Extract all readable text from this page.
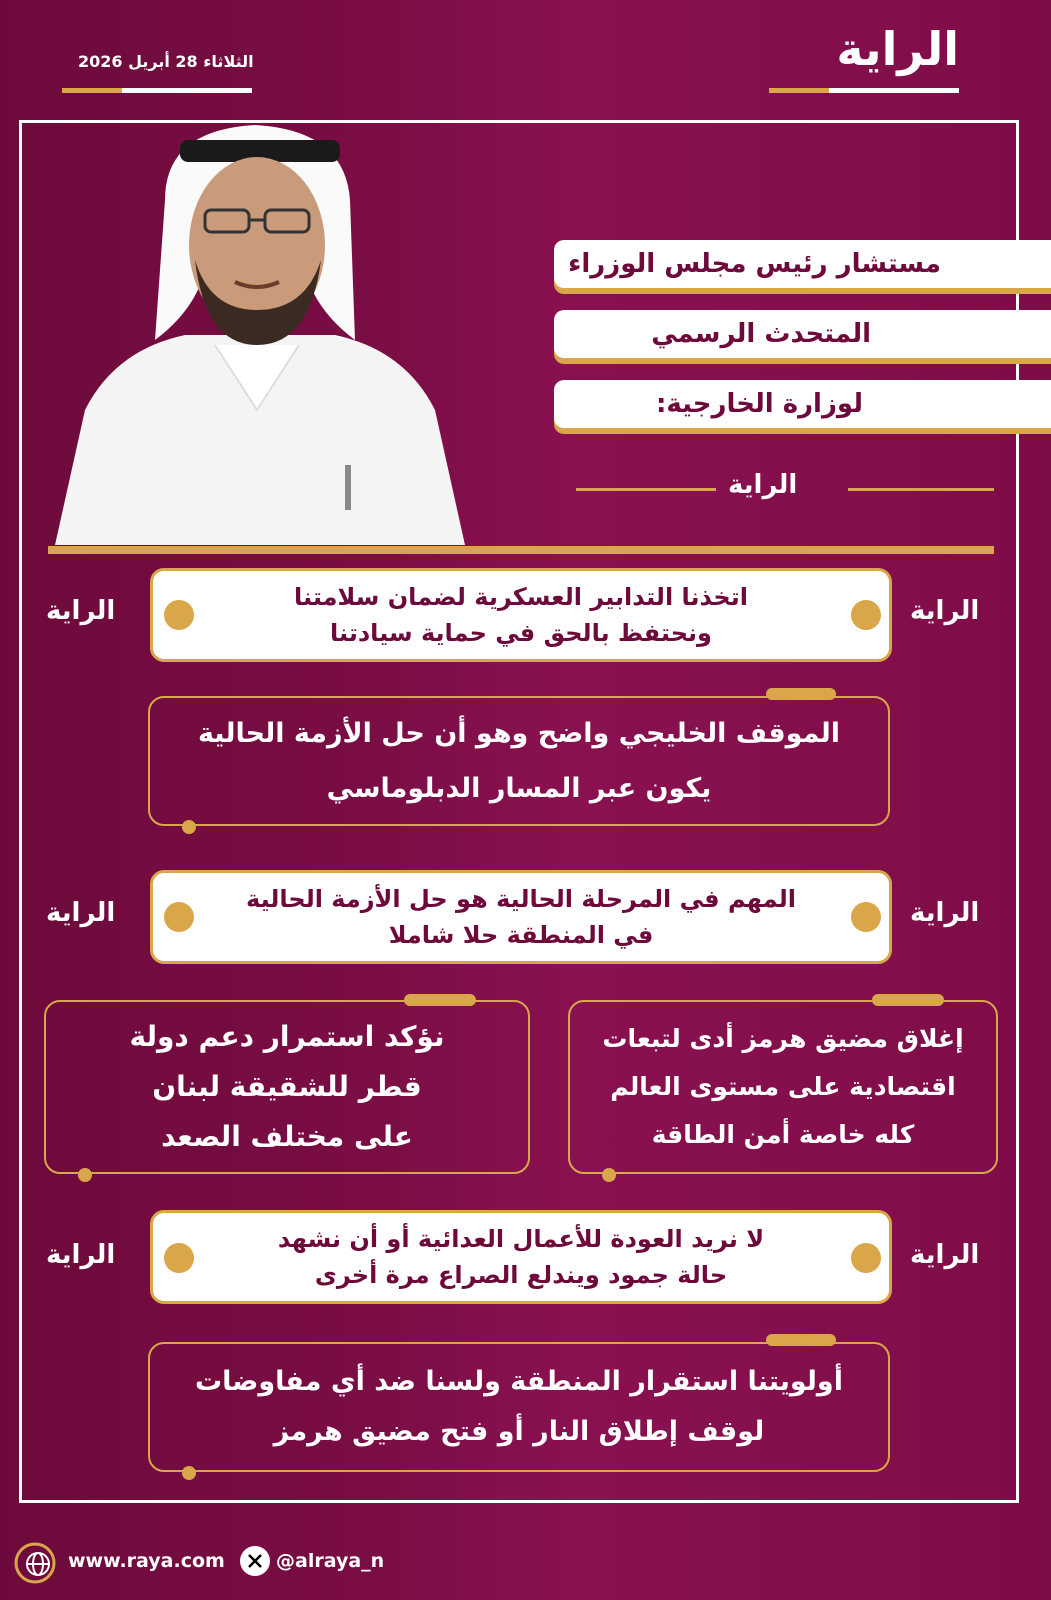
الراية
الثلاثاء 28 أبريل 2026
مستشار رئيس مجلس الوزراء
المتحدث الرسمي
لوزارة الخارجية:
الراية
الراية
الراية	اتخذنا التدابير العسكرية لضمان سلامتنا
ونحتفظ بالحق في حماية سيادتنا
الموقف الخليجي واضح وهو أن حل الأزمة الحالية
يكون عبر المسار الدبلوماسي
الراية
الراية	المهم في المرحلة الحالية هو حل الأزمة الحالية
في المنطقة حلا شاملا
إغلاق مضيق هرمز أدى لتبعات
اقتصادية على مستوى العالم
كله خاصة أمن الطاقة
نؤكد استمرار دعم دولة
قطر للشقيقة لبنان
على مختلف الصعد
الراية
الراية
لا نريد العودة للأعمال العدائية أو أن نشهد
حالة جمود ويندلع الصراع مرة أخرى
أولويتنا استقرار المنطقة ولسنا ضد أي مفاوضات
لوقف إطلاق النار أو فتح مضيق هرمز
www.raya.com	@alraya_n
